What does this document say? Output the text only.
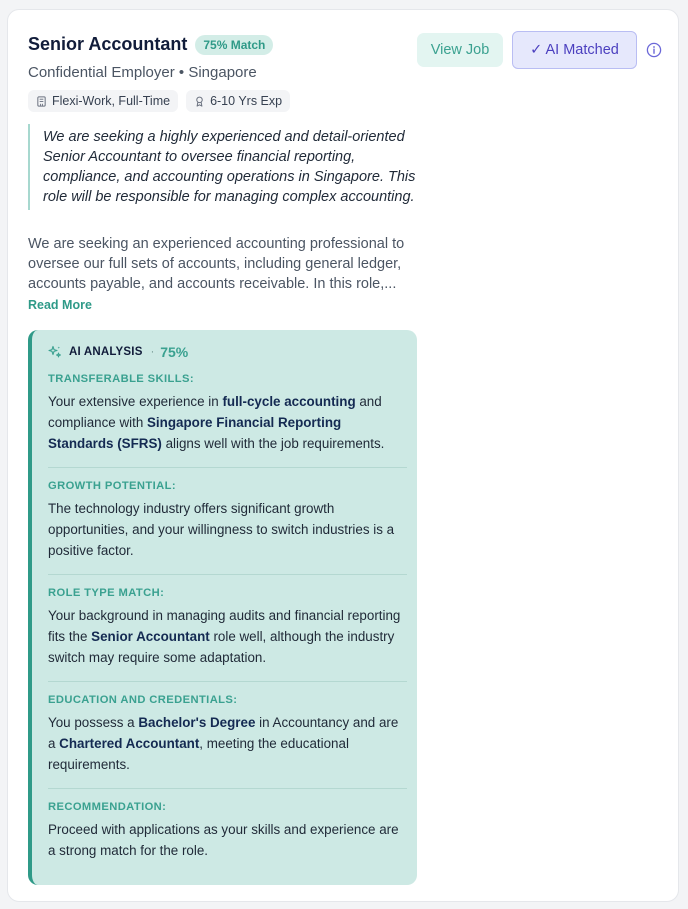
Senior Accountant	75% Match
Confidential Employer • Singapore
Flexi-Work, Full-Time	6-10 Yrs Exp
View Job	✓ AI Matched
We are seeking a highly experienced and detail-oriented Senior Accountant to oversee financial reporting, compliance, and accounting operations in Singapore. This role will be responsible for managing complex accounting.
We are seeking an experienced accounting professional to oversee our full sets of accounts, including general ledger, accounts payable, and accounts receivable. In this role,...
Read More
AI ANALYSIS · 75%
TRANSFERABLE SKILLS:
Your extensive experience in full-cycle accounting and compliance with Singapore Financial Reporting Standards (SFRS) aligns well with the job requirements.
GROWTH POTENTIAL:
The technology industry offers significant growth opportunities, and your willingness to switch industries is a positive factor.
ROLE TYPE MATCH:
Your background in managing audits and financial reporting fits the Senior Accountant role well, although the industry switch may require some adaptation.
EDUCATION AND CREDENTIALS:
You possess a Bachelor's Degree in Accountancy and are a Chartered Accountant, meeting the educational requirements.
RECOMMENDATION:
Proceed with applications as your skills and experience are a strong match for the role.
